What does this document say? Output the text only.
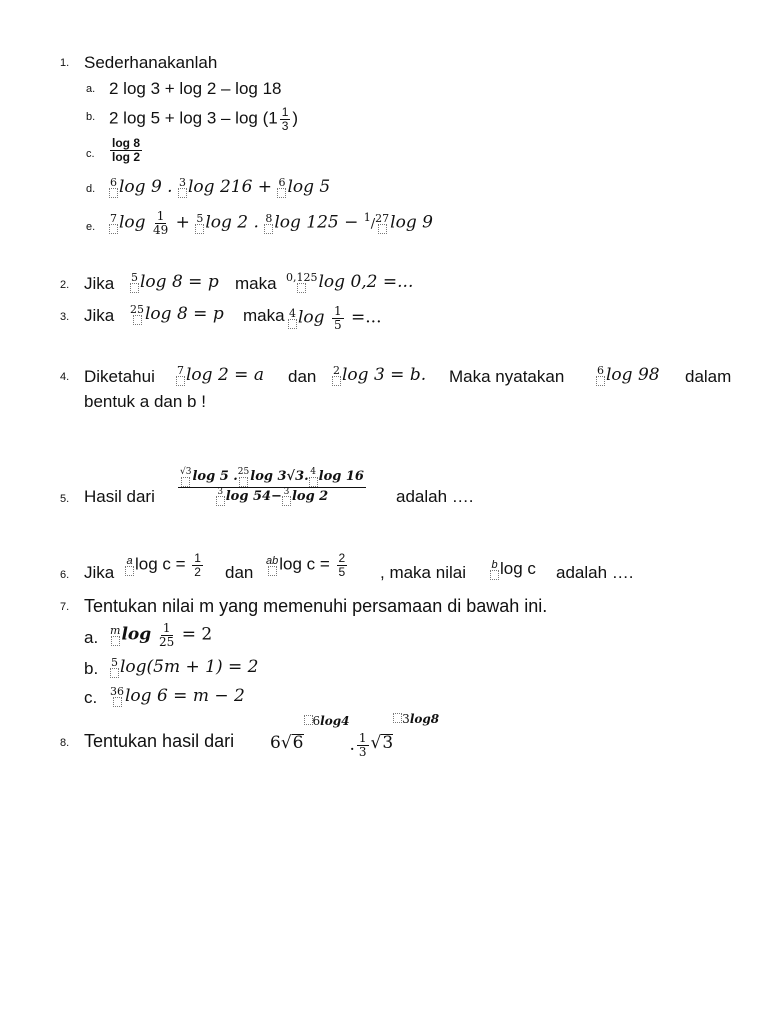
1. Sederhanakanlah
a. 2 log 3 + log 2 – log 18
b. 2 $\log 5 + \log 3 - \log (1 \frac{1}{3}$ )
c. $\frac{\log 8}{\log 2}$
d. 6 log 9 . 3 log 216 + 6 log 5
e.
7 $\log \frac{1}{49} + 5$ log 2 . 8 log 125 − $^1$/ 27 log 9
2. Jika 5 log 8 = p maka 0,125 log 0,2 =...
3. Jika 25 log 8 = p maka 4 $\log \frac{1}{5}$ =...
4. Diketahui 7 log 2 = a dan 2 log 3 = b. Maka nyatakan	6 log 98 dalam
bentuk a dan b !
5. Hasil dari	$\frac{√3 \log 5 . 25 \log 3√3. 4 \log 16}{3 \log 54- 3 \log 2}$ adalah ….
6. Jika
a $\log c = \frac{1}{2}$ dan
ab $\log c = \frac{2}{5}$ , maka nilai b log c adalah ….
7. Tentukan nilai m yang memenuhi persamaan di bawah ini.
a. m $\log \frac{1}{25} = 2$
b. 5 log(5m + 1) = 2
c. 36 log 6 = m − 2
8. Tentukan hasil dari $6√6^{6log4}$. $\frac{1}{3} √3^{3log8}$
